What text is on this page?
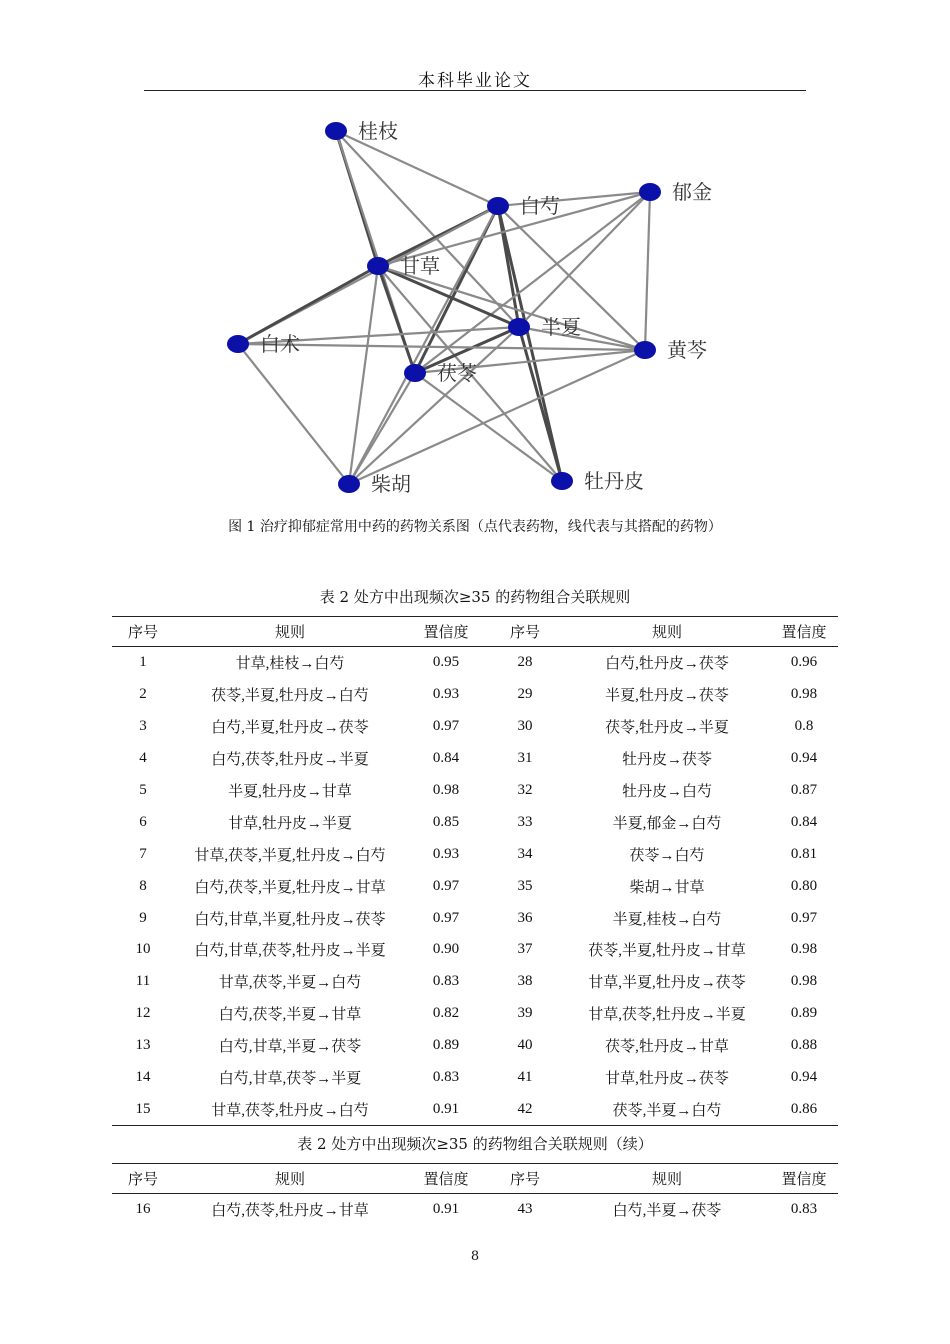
本科毕业论文
桂枝
白芍
郁金
甘草
半夏
白术	黄芩
茯苓
柴胡	牡丹皮
图 1 治疗抑郁症常用中药的药物关系图（点代表药物，线代表与其搭配的药物）
表 2 处方中出现频次≥35 的药物组合关联规则
序号	规则	置信度	序号	规则	置信度
1	甘草,桂枝→白芍	0.95	28	白芍,牡丹皮→茯苓	0.96
2	茯苓,半夏,牡丹皮→白芍	0.93	29	半夏,牡丹皮→茯苓	0.98
3	白芍,半夏,牡丹皮→茯苓	0.97	30	茯苓,牡丹皮→半夏	0.8
4	白芍,茯苓,牡丹皮→半夏	0.84	31	牡丹皮→茯苓	0.94
5	半夏,牡丹皮→甘草	0.98	32	牡丹皮→白芍	0.87
6	甘草,牡丹皮→半夏	0.85	33	半夏,郁金→白芍	0.84
7	甘草,茯苓,半夏,牡丹皮→白芍	0.93	34	茯苓→白芍	0.81
8	白芍,茯苓,半夏,牡丹皮→甘草	0.97	35	柴胡→甘草	0.80
9	白芍,甘草,半夏,牡丹皮→茯苓	0.97	36	半夏,桂枝→白芍	0.97
10	白芍,甘草,茯苓,牡丹皮→半夏	0.90	37	茯苓,半夏,牡丹皮→甘草	0.98
11	甘草,茯苓,半夏→白芍	0.83	38	甘草,半夏,牡丹皮→茯苓	0.98
12	白芍,茯苓,半夏→甘草	0.82	39	甘草,茯苓,牡丹皮→半夏	0.89
13	白芍,甘草,半夏→茯苓	0.89	40	茯苓,牡丹皮→甘草	0.88
14	白芍,甘草,茯苓→半夏	0.83	41	甘草,牡丹皮→茯苓	0.94
15	甘草,茯苓,牡丹皮→白芍	0.91	42	茯苓,半夏→白芍	0.86
表 2 处方中出现频次≥35 的药物组合关联规则（续）
序号	规则	置信度	序号	规则	置信度
16	白芍,茯苓,牡丹皮→甘草	0.91	43	白芍,半夏→茯苓	0.83
8
